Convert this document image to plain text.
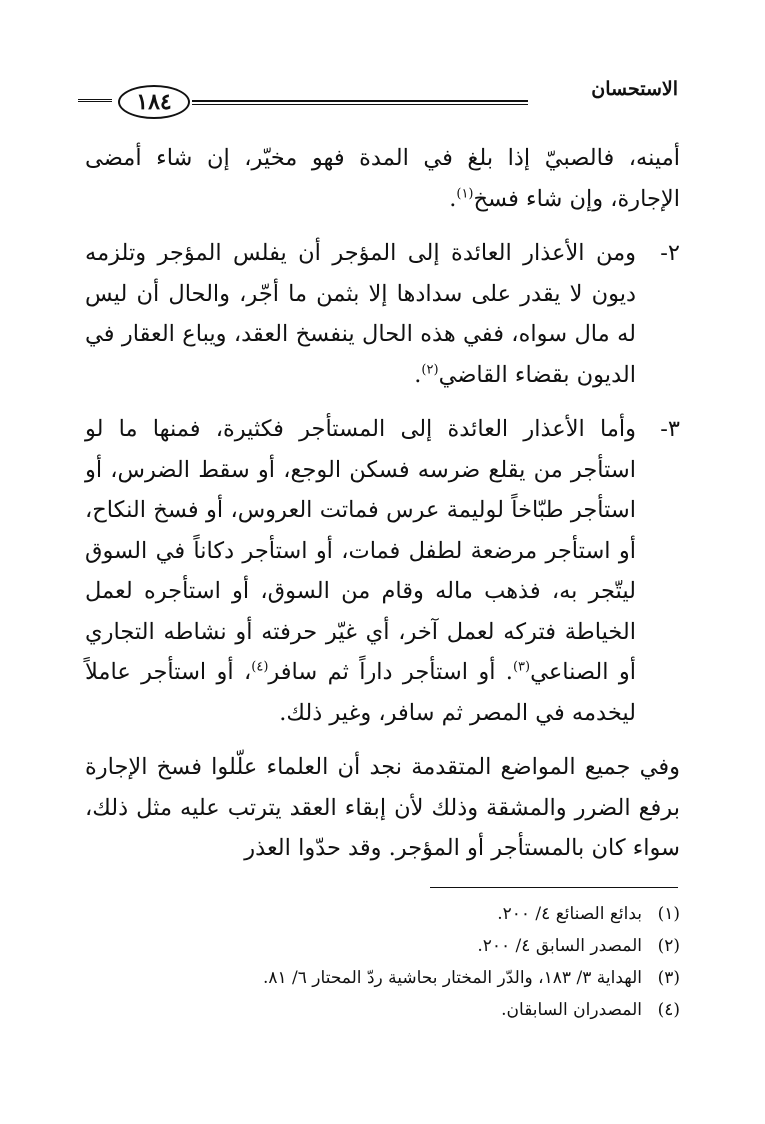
الاستحسان
١٨٤

أمينه، فالصبيّ إذا بلغ في المدة فهو مخيّر، إن شاء أمضى الإجارة، وإن شاء فسخ$^{(١)}$.

٢-
ومن الأعذار العائدة إلى المؤجر أن يفلس المؤجر وتلزمه ديون لا يقدر على سدادها إلا بثمن ما أجّر، والحال أن ليس له مال سواه، ففي هذه الحال ينفسخ العقد، ويباع العقار في الديون بقضاء القاضي$^{(٢)}$.
٣-
وأما الأعذار العائدة إلى المستأجر فكثيرة، فمنها ما لو استأجر من يقلع ضرسه فسكن الوجع، أو سقط الضرس، أو استأجر طبّاخاً لوليمة عرس فماتت العروس، أو فسخ النكاح، أو استأجر مرضعة لطفل فمات، أو استأجر دكاناً في السوق ليتّجر به، فذهب ماله وقام من السوق، أو استأجره لعمل الخياطة فتركه لعمل آخر، أي غيّر حرفته أو نشاطه التجاري أو الصناعي$^{(٣)}$. أو استأجر داراً ثم سافر$^{(٤)}$، أو استأجر عاملاً ليخدمه في المصر ثم سافر، وغير ذلك.

وفي جميع المواضع المتقدمة نجد أن العلماء علّلوا فسخ الإجارة برفع الضرر والمشقة وذلك لأن إبقاء العقد يترتب عليه مثل ذلك، سواء كان بالمستأجر أو المؤجر. وقد حدّوا العذر

(١)بدائع الصنائع ٤/ ٢٠٠.
(٢)المصدر السابق ٤/ ٢٠٠.
(٣)الهداية ٣/ ١٨٣، والدّر المختار بحاشية ردّ المحتار ٦/ ٨١.
(٤)المصدران السابقان.
